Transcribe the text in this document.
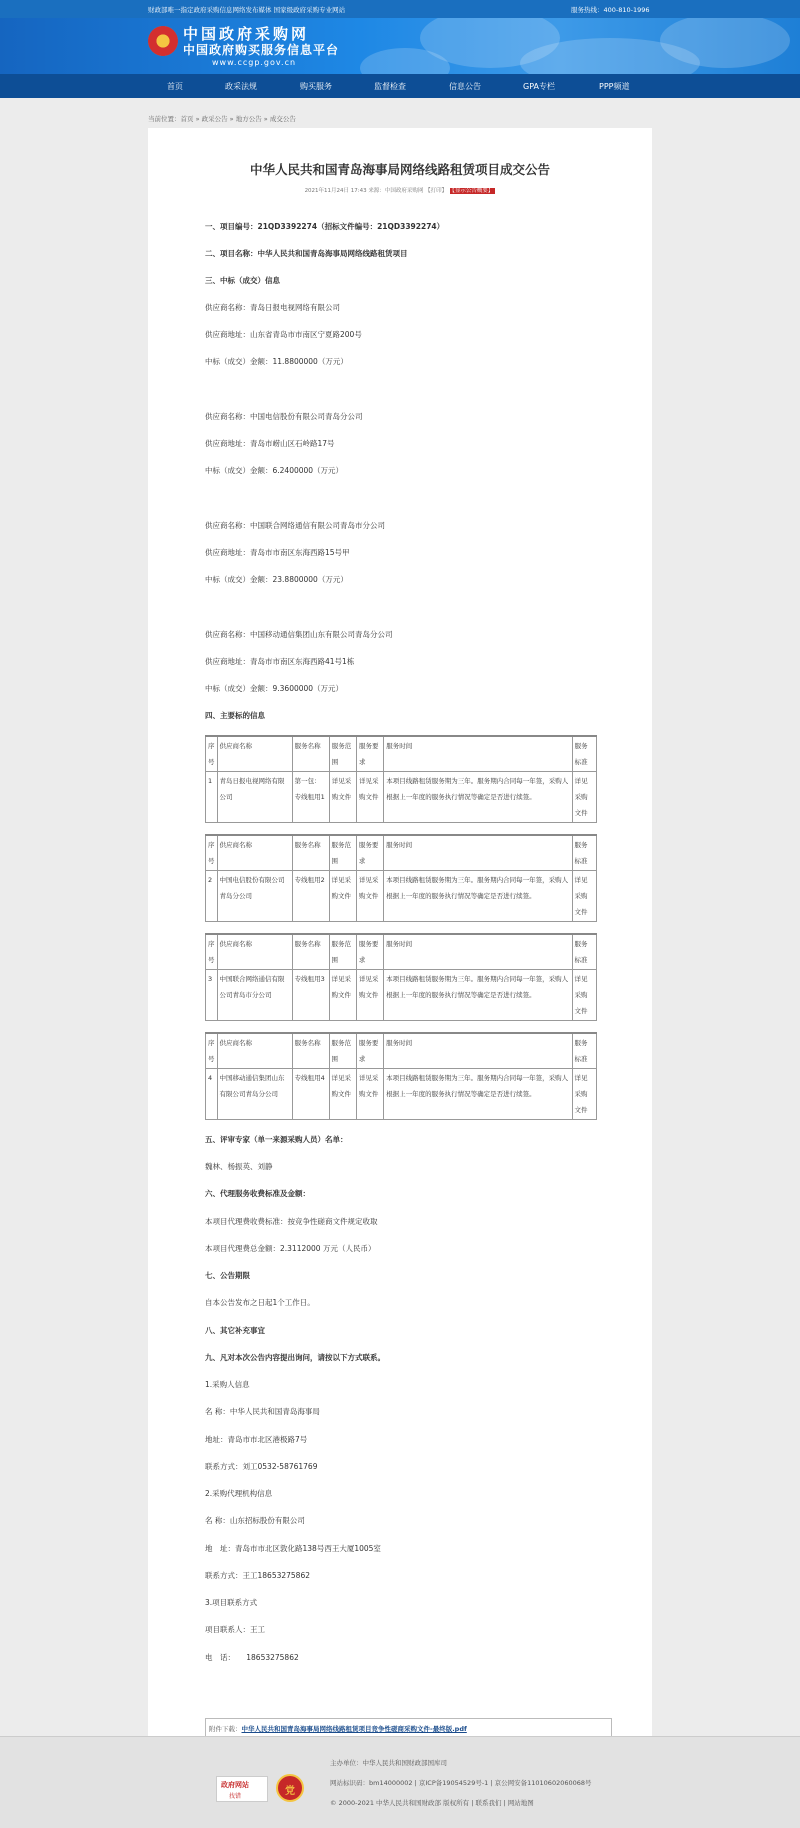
财政部唯一指定政府采购信息网络发布媒体 国家级政府采购专业网站	服务热线：400-810-1996
中国政府采购网
中国政府购买服务信息平台
www.ccgp.gov.cn
首页	政采法规	购买服务	监督检查	信息公告	GPA专栏	PPP频道
当前位置：首页 » 政采公告 » 地方公告 » 成交公告
中华人民共和国青岛海事局网络线路租赁项目成交公告
2021年11月24日 17:43 来源：中国政府采购网 【打印】 【显示公告概要】
一、项目编号：21QD3392274（招标文件编号：21QD3392274）
二、项目名称：中华人民共和国青岛海事局网络线路租赁项目
三、中标（成交）信息
供应商名称：青岛日报电视网络有限公司
供应商地址：山东省青岛市市南区宁夏路200号
中标（成交）金额：11.8800000（万元）
供应商名称：中国电信股份有限公司青岛分公司
供应商地址：青岛市崂山区石岭路17号
中标（成交）金额：6.2400000（万元）
供应商名称：中国联合网络通信有限公司青岛市分公司
供应商地址：青岛市市南区东海西路15号甲
中标（成交）金额：23.8800000（万元）
供应商名称：中国移动通信集团山东有限公司青岛分公司
供应商地址：青岛市市南区东海西路41号1栋
中标（成交）金额：9.3600000（万元）
四、主要标的信息
序号	供应商名称	服务名称	服务范围	服务要求	服务时间	服务标准
1	青岛日报电视网络有限公司	第一包：专线租用1	详见采购文件	详见采购文件	本项目线路租赁服务期为三年。服务期内合同每一年签，采购人根据上一年度的服务执行情况等确定是否进行续签。	详见采购文件
序号	供应商名称	服务名称	服务范围	服务要求	服务时间	服务标准
2	中国电信股份有限公司青岛分公司	专线租用2	详见采购文件	详见采购文件	本项目线路租赁服务期为三年。服务期内合同每一年签，采购人根据上一年度的服务执行情况等确定是否进行续签。	详见采购文件
序号	供应商名称	服务名称	服务范围	服务要求	服务时间	服务标准
3	中国联合网络通信有限公司青岛市分公司	专线租用3	详见采购文件	详见采购文件	本项目线路租赁服务期为三年。服务期内合同每一年签，采购人根据上一年度的服务执行情况等确定是否进行续签。	详见采购文件
序号	供应商名称	服务名称	服务范围	服务要求	服务时间	服务标准
4	中国移动通信集团山东有限公司青岛分公司	专线租用4	详见采购文件	详见采购文件	本项目线路租赁服务期为三年。服务期内合同每一年签，采购人根据上一年度的服务执行情况等确定是否进行续签。	详见采购文件
五、评审专家（单一来源采购人员）名单：
魏林、杨振英、刘静
六、代理服务收费标准及金额：
本项目代理费收费标准：按竞争性磋商文件规定收取
本项目代理费总金额：2.3112000 万元（人民币）
七、公告期限
自本公告发布之日起1个工作日。
八、其它补充事宜
九、凡对本次公告内容提出询问，请按以下方式联系。
1.采购人信息
名 称：中华人民共和国青岛海事局
地址：青岛市市北区港极路7号
联系方式：刘工0532-58761769
2.采购代理机构信息
名 称：山东招标股份有限公司
地　址：青岛市市北区敦化路138号西王大厦1005室
联系方式：王工18653275862
3.项目联系方式
项目联系人：王工
电　话：　　18653275862
附件下载：中华人民共和国青岛海事局网络线路租赁项目竞争性磋商采购文件-最终版.pdf
政府网站
找错	党
主办单位：中华人民共和国财政部国库司
网站标识码：bm14000002 | 京ICP备19054529号-1 | 京公网安备11010602060068号
© 2000-2021 中华人民共和国财政部 版权所有 | 联系我们 | 网站地图
